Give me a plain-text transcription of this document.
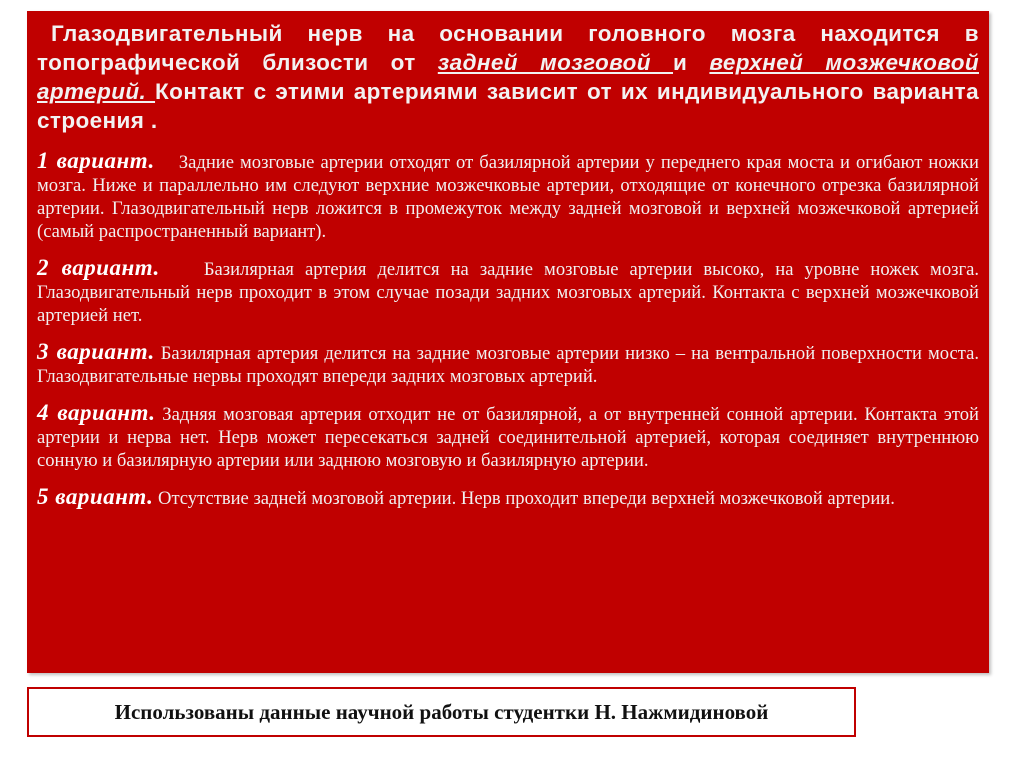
Глазодвигательный нерв на основании головного мозга находится в топографической близости от задней мозговой и верхней мозжечковой артерий. Контакт с этими артериями зависит от их индивидуального варианта строения .

1 вариант. Задние мозговые артерии отходят от базилярной артерии у переднего края моста и огибают ножки мозга. Ниже и параллельно им следуют верхние мозжечковые артерии, отходящие от конечного отрезка базилярной артерии. Глазодвигательный нерв ложится в промежуток между задней мозговой и верхней мозжечковой артерией (самый распространенный вариант).

2 вариант. Базилярная артерия делится на задние мозговые артерии высоко, на уровне ножек мозга. Глазодвигательный нерв проходит в этом случае позади задних мозговых артерий. Контакта с верхней мозжечковой артерией нет.

3 вариант. Базилярная артерия делится на задние мозговые артерии низко – на вентральной поверхности моста. Глазодвигательные нервы проходят впереди задних мозговых артерий.

4 вариант. Задняя мозговая артерия отходит не от базилярной, а от внутренней сонной артерии. Контакта этой артерии и нерва нет. Нерв может пересекаться задней соединительной артерией, которая соединяет внутреннюю сонную и базилярную артерии или заднюю мозговую и базилярную артерии.

5 вариант. Отсутствие задней мозговой артерии. Нерв проходит впереди верхней мозжечковой артерии.

Использованы данные научной работы студентки Н. Нажмидиновой
